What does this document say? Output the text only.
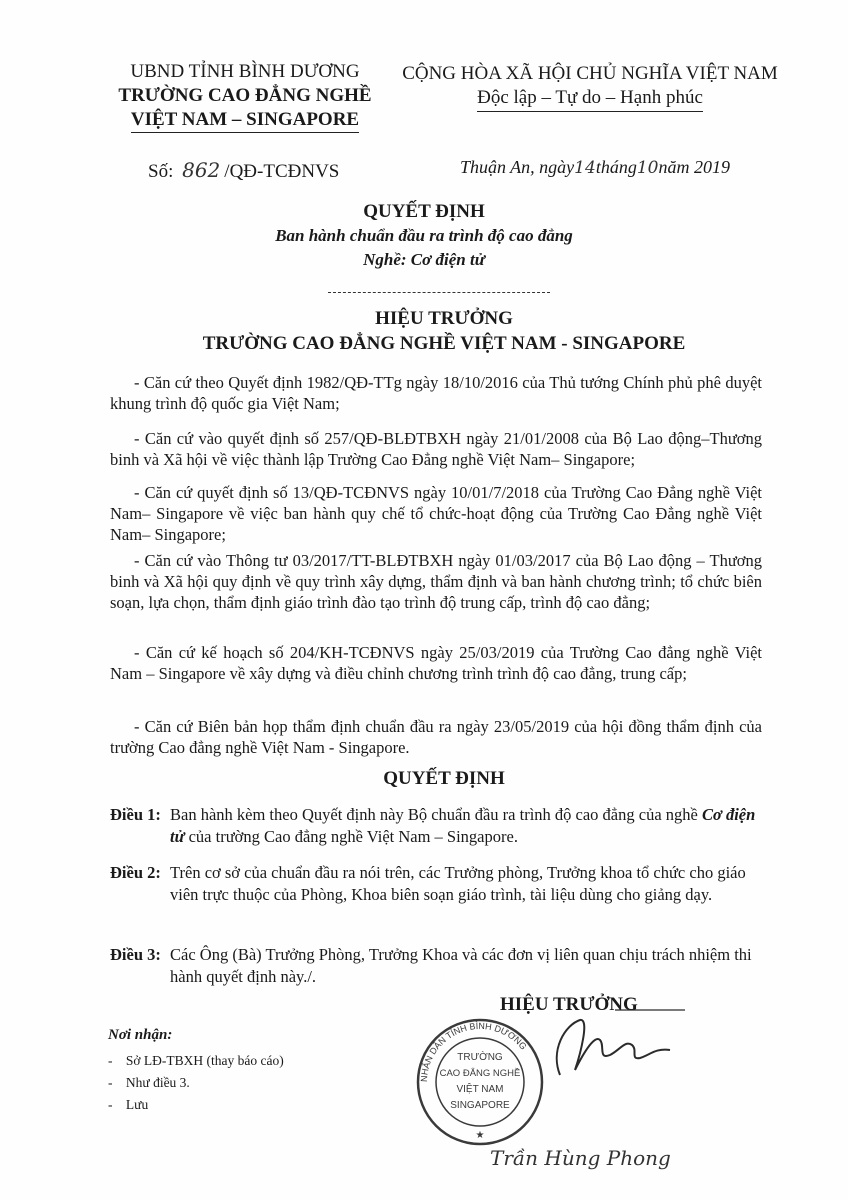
UBND TỈNH BÌNH DƯƠNG
TRƯỜNG CAO ĐẲNG NGHỀ
VIỆT NAM – SINGAPORE
Số: 862 /QĐ-TCĐNVS
CỘNG HÒA XÃ HỘI CHỦ NGHĨA VIỆT NAM
Độc lập – Tự do – Hạnh phúc
Thuận An, ngày14tháng10năm 2019
QUYẾT ĐỊNH
Ban hành chuẩn đầu ra trình độ cao đẳng
Nghề: Cơ điện tử
HIỆU TRƯỞNG
TRƯỜNG CAO ĐẲNG NGHỀ VIỆT NAM - SINGAPORE
- Căn cứ theo Quyết định 1982/QĐ-TTg ngày 18/10/2016 của Thủ tướng Chính phủ phê duyệt khung trình độ quốc gia Việt Nam;
- Căn cứ vào quyết định số 257/QĐ-BLĐTBXH ngày 21/01/2008 của Bộ Lao động–Thương binh và Xã hội về việc thành lập Trường Cao Đẳng nghề Việt Nam– Singapore;
- Căn cứ quyết định số 13/QĐ-TCĐNVS ngày 10/01/7/2018 của Trường Cao Đẳng nghề Việt Nam– Singapore về việc ban hành quy chế tổ chức-hoạt động của Trường Cao Đẳng nghề Việt Nam– Singapore;
- Căn cứ vào Thông tư 03/2017/TT-BLĐTBXH ngày 01/03/2017 của Bộ Lao động – Thương binh và Xã hội quy định về quy trình xây dựng, thẩm định và ban hành chương trình; tổ chức biên soạn, lựa chọn, thẩm định giáo trình đào tạo trình độ trung cấp, trình độ cao đẳng;
- Căn cứ kế hoạch số 204/KH-TCĐNVS ngày 25/03/2019 của Trường Cao đẳng nghề Việt Nam – Singapore về xây dựng và điều chỉnh chương trình trình độ cao đẳng, trung cấp;
- Căn cứ Biên bản họp thẩm định chuẩn đầu ra ngày 23/05/2019 của hội đồng thẩm định của trường Cao đẳng nghề Việt Nam - Singapore.
QUYẾT ĐỊNH
Điều 1: Ban hành kèm theo Quyết định này Bộ chuẩn đầu ra trình độ cao đẳng của nghề Cơ điện tử của trường Cao đẳng nghề Việt Nam – Singapore.
Điều 2: Trên cơ sở của chuẩn đầu ra nói trên, các Trưởng phòng, Trưởng khoa tổ chức cho giáo viên trực thuộc của Phòng, Khoa biên soạn giáo trình, tài liệu dùng cho giảng dạy.
Điều 3: Các Ông (Bà) Trưởng Phòng, Trưởng Khoa và các đơn vị liên quan chịu trách nhiệm thi hành quyết định này./.
HIỆU TRƯỞNG
NHÂN DÂN TỈNH BÌNH DƯƠNG
TRƯỜNG
CAO ĐẲNG NGHỀ
VIỆT NAM
SINGAPORE
★
Trần Hùng Phong
Nơi nhận:
- Sở LĐ-TBXH (thay báo cáo)
- Như điều 3.
- Lưu
